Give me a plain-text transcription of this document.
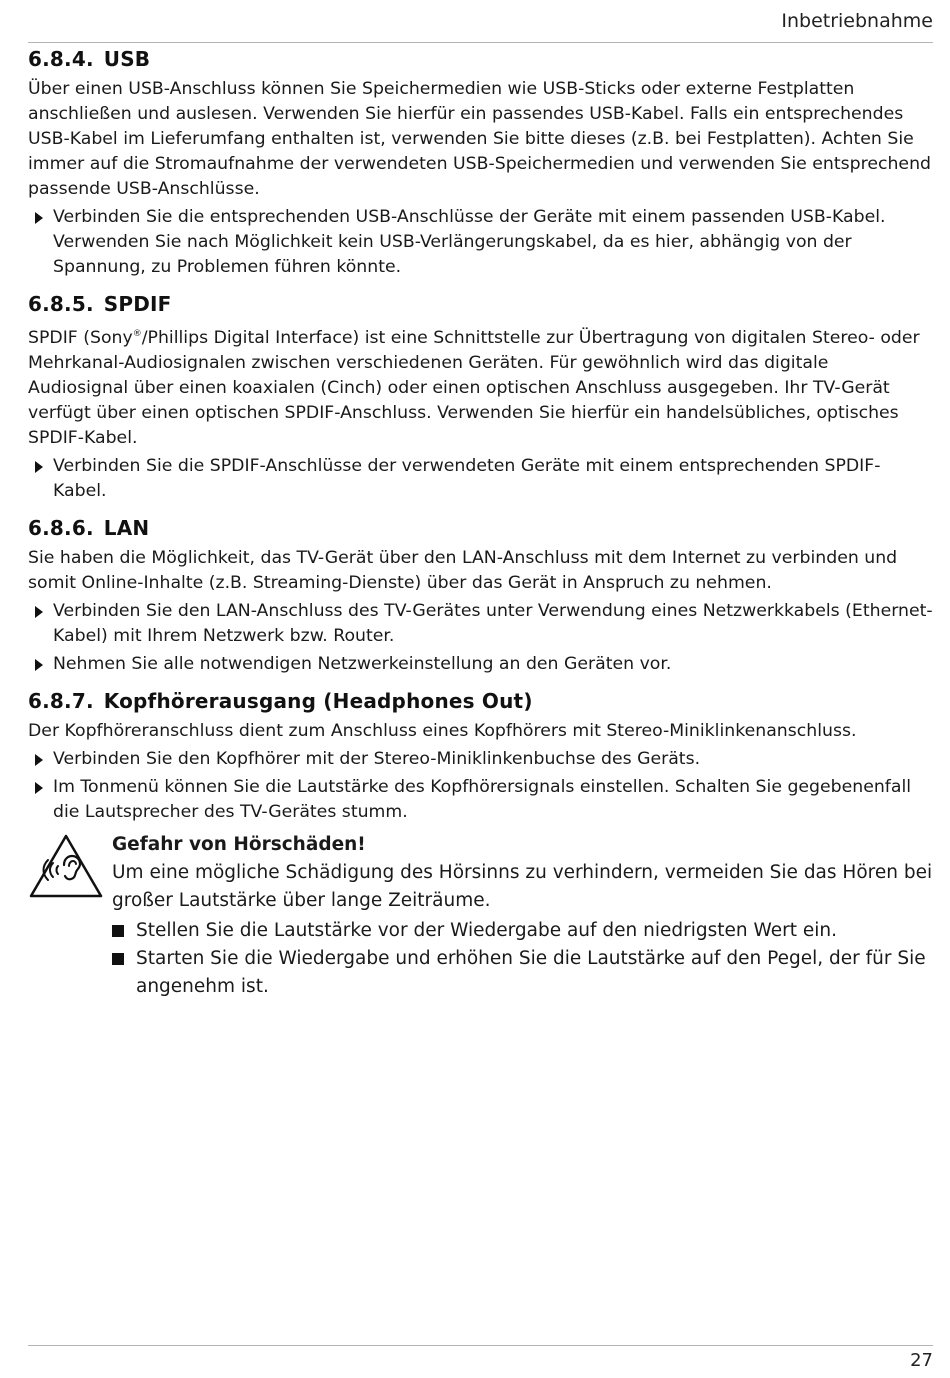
Inbetriebnahme
6.8.4. USB

Über einen USB-Anschluss können Sie Speichermedien wie USB-Sticks oder externe Festplatten anschließen und auslesen. Verwenden Sie hierfür ein passendes USB-Kabel. Falls ein entsprechendes USB-Kabel im Lieferumfang enthalten ist, verwenden Sie bitte dieses (z.B. bei Festplatten). Achten Sie immer auf die Stromaufnahme der verwendeten USB-Speichermedien und verwenden Sie entsprechend passende USB-Anschlüsse.

Verbinden Sie die entsprechenden USB-Anschlüsse der Geräte mit einem passenden USB-Kabel. Verwenden Sie nach Möglichkeit kein USB-Verlängerungskabel, da es hier, abhängig von der Spannung, zu Problemen führen könnte.
6.8.5. SPDIF

SPDIF (Sony®/Phillips Digital Interface) ist eine Schnittstelle zur Übertragung von digitalen Stereo- oder Mehrkanal-Audiosignalen zwischen verschiedenen Geräten. Für gewöhnlich wird das digitale Audiosignal über einen koaxialen (Cinch) oder einen optischen Anschluss ausgegeben. Ihr TV-Gerät verfügt über einen optischen SPDIF-Anschluss. Verwenden Sie hierfür ein handelsübliches, optisches SPDIF-Kabel.

Verbinden Sie die SPDIF-Anschlüsse der verwendeten Geräte mit einem entsprechenden SPDIF-Kabel.
6.8.6. LAN

Sie haben die Möglichkeit, das TV-Gerät über den LAN-Anschluss mit dem Internet zu verbinden und somit Online-Inhalte (z.B. Streaming-Dienste) über das Gerät in Anspruch zu nehmen.

Verbinden Sie den LAN-Anschluss des TV-Gerätes unter Verwendung eines Netzwerkkabels (Ethernet-Kabel) mit Ihrem Netzwerk bzw. Router.
Nehmen Sie alle notwendigen Netzwerkeinstellung an den Geräten vor.
6.8.7. Kopfhörerausgang (Headphones Out)

Der Kopfhöreranschluss dient zum Anschluss eines Kopfhörers mit Stereo-Miniklinkenanschluss.

Verbinden Sie den Kopfhörer mit der Stereo-Miniklinkenbuchse des Geräts.
Im Tonmenü können Sie die Lautstärke des Kopfhörersignals einstellen. Schalten Sie gegebenenfall die Lautsprecher des TV-Gerätes stumm.
Gefahr von Hörschäden!

Um eine mögliche Schädigung des Hörsinns zu verhindern, vermeiden Sie das Hören bei großer Lautstärke über lange Zeiträume.

Stellen Sie die Lautstärke vor der Wiedergabe auf den niedrigsten Wert ein.
Starten Sie die Wiedergabe und erhöhen Sie die Lautstärke auf den Pegel, der für Sie angenehm ist.
27
